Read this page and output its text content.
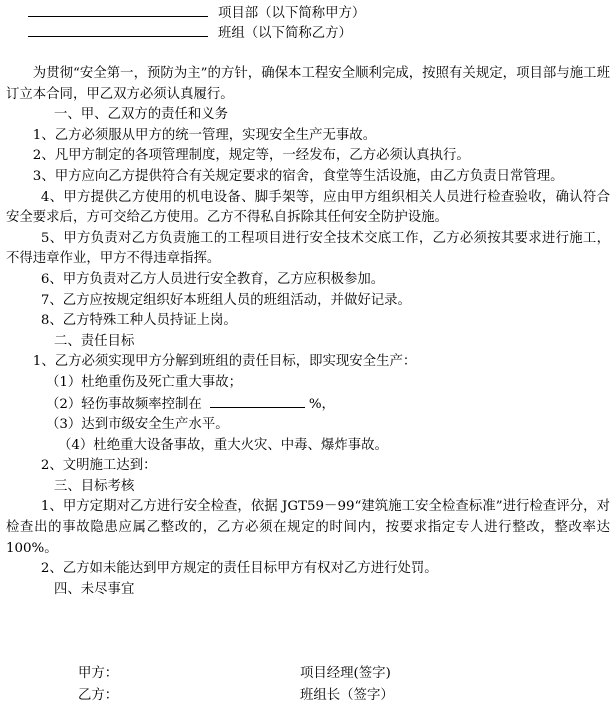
项目部（以下简称甲方）
班组（以下简称乙方）

为贯彻“安全第一，预防为主”的方针，确保本工程安全顺利完成，按照有关规定，项目部与施工班订立本合同，甲乙双方必须认真履行。

一、甲、乙双方的责任和义务

1、乙方必须服从甲方的统一管理，实现安全生产无事故。

2、凡甲方制定的各项管理制度，规定等，一经发布，乙方必须认真执行。

3、甲方应向乙方提供符合有关规定要求的宿舍，食堂等生活设施，由乙方负责日常管理。

4、甲方提供乙方使用的机电设备、脚手架等，应由甲方组织相关人员进行检查验收，确认符合安全要求后，方可交给乙方使用。乙方不得私自拆除其任何安全防护设施。

5、甲方负责对乙方负责施工的工程项目进行安全技术交底工作，乙方必须按其要求进行施工，不得违章作业，甲方不得违章指挥。

6、甲方负责对乙方人员进行安全教育，乙方应积极参加。

7、乙方应按规定组织好本班组人员的班组活动，并做好记录。

8、乙方特殊工种人员持证上岗。

二、责任目标

1、乙方必须实现甲方分解到班组的责任目标，即实现安全生产：

（1）杜绝重伤及死亡重大事故；

（2）轻伤事故频率控制在	%，

（3）达到市级安全生产水平。

（4）杜绝重大设备事故，重大火灾、中毒、爆炸事故。

2、文明施工达到：

三、目标考核

1、甲方定期对乙方进行安全检查，依据 JGT59－99“建筑施工安全检查标准”进行检查评分，对检查出的事故隐患应属乙整改的，乙方必须在规定的时间内，按要求指定专人进行整改，整改率达 100%。

2、乙方如未能达到甲方规定的责任目标甲方有权对乙方进行处罚。

四、未尽事宜

甲方：	项目经理(签字)
乙方：	班组长（签字）
